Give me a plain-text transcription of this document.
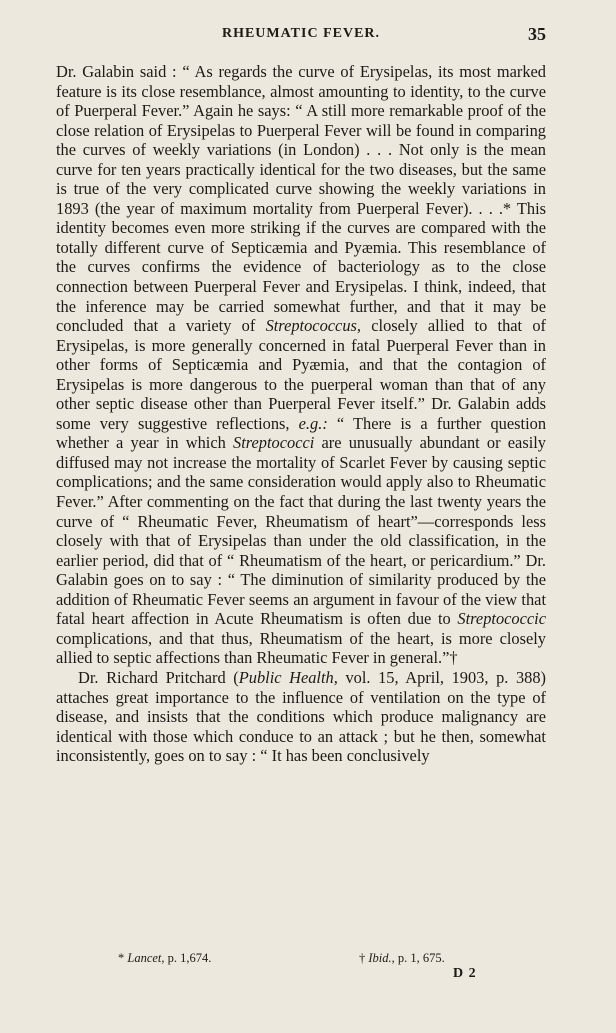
RHEUMATIC FEVER.	35

Dr. Galabin said : “ As regards the curve of Erysipelas, its most marked feature is its close resemblance, almost amounting to identity, to the curve of Puerperal Fever.” Again he says: “ A still more remarkable proof of the close relation of Erysipelas to Puerperal Fever will be found in comparing the curves of weekly variations (in London) . . . Not only is the mean curve for ten years practically identical for the two diseases, but the same is true of the very complicated curve showing the weekly variations in 1893 (the year of maximum mortality from Puerperal Fever). . . .* This identity becomes even more striking if the curves are compared with the totally different curve of Septicæmia and Pyæmia. This resemblance of the curves confirms the evidence of bacteriology as to the close connection between Puerperal Fever and Erysipelas. I think, indeed, that the inference may be carried somewhat further, and that it may be concluded that a variety of Streptococcus, closely allied to that of Erysipelas, is more generally concerned in fatal Puerperal Fever than in other forms of Septicæmia and Pyæmia, and that the contagion of Erysipelas is more dangerous to the puerperal woman than that of any other septic disease other than Puerperal Fever itself.” Dr. Galabin adds some very suggestive reflections, e.g.: “ There is a further question whether a year in which Streptococci are unusually abundant or easily diffused may not increase the mortality of Scarlet Fever by causing septic complications; and the same consideration would apply also to Rheumatic Fever.” After commenting on the fact that during the last twenty years the curve of “ Rheumatic Fever, Rheumatism of heart”—corresponds less closely with that of Erysipelas than under the old classification, in the earlier period, did that of “ Rheumatism of the heart, or pericardium.” Dr. Galabin goes on to say : “ The diminution of similarity produced by the addition of Rheumatic Fever seems an argument in favour of the view that fatal heart affection in Acute Rheumatism is often due to Streptococcic complications, and that thus, Rheumatism of the heart, is more closely allied to septic affections than Rheumatic Fever in general.”†

Dr. Richard Pritchard (Public Health, vol. 15, April, 1903, p. 388) attaches great importance to the influence of ventilation on the type of disease, and insists that the conditions which produce malignancy are identical with those which conduce to an attack ; but he then, somewhat inconsistently, goes on to say : “ It has been conclusively

* Lancet, p. 1,674.	† Ibid., p. 1, 675.
D 2
